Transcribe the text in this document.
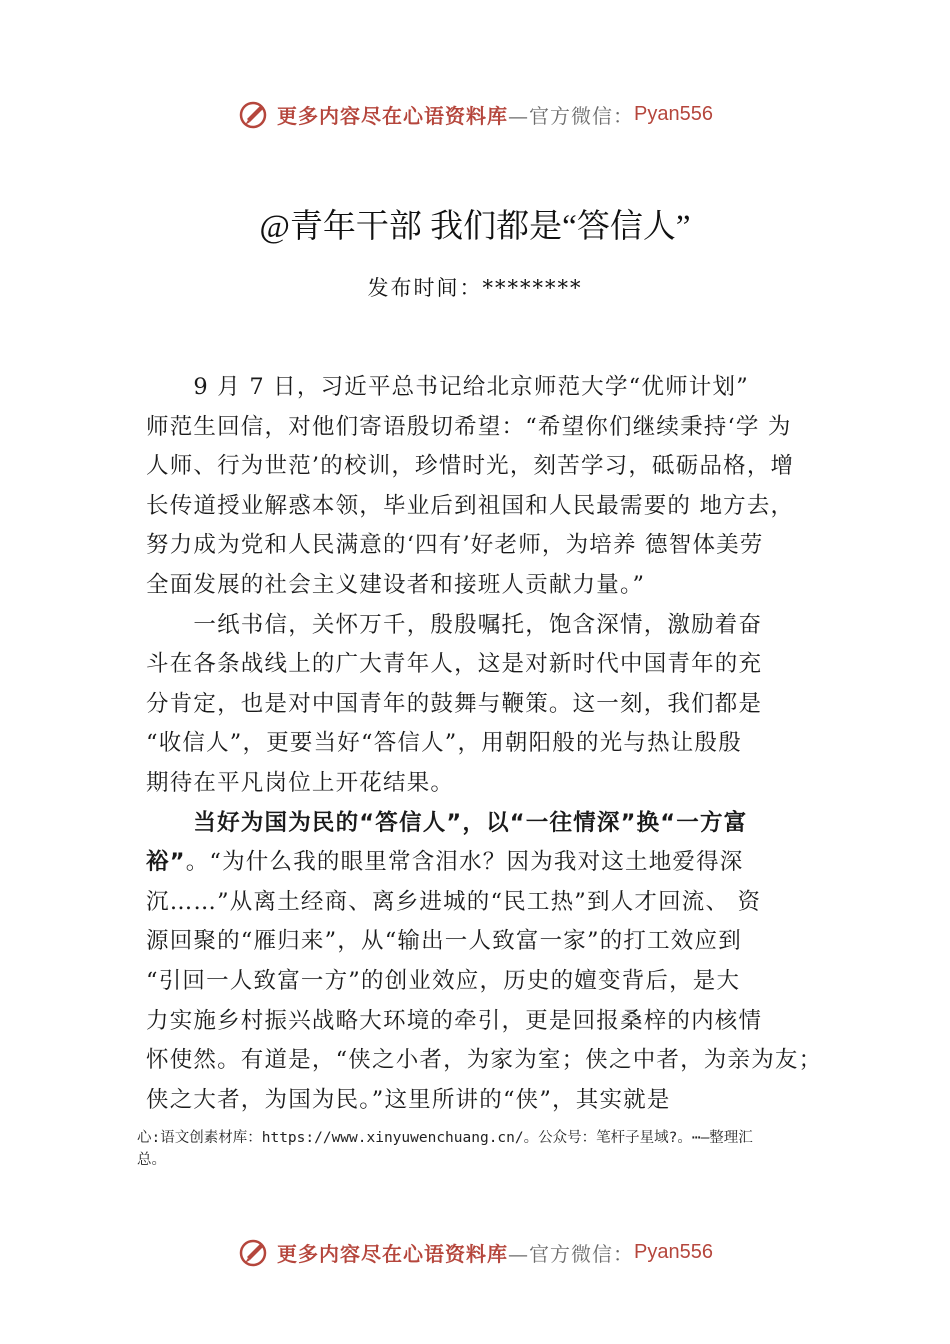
更多内容尽在心语资料库 —官方微信： Pyan556
@青年干部 我们都是“答信人”
发布时间：********
　　9 月 7 日，习近平总书记给北京师范大学“优师计划”
师范生回信，对他们寄语殷切希望：“希望你们继续秉持‘学 为
人师、行为世范’的校训，珍惜时光，刻苦学习，砥砺品格，增
长传道授业解惑本领，毕业后到祖国和人民最需要的 地方去，
努力成为党和人民满意的‘四有’好老师，为培养 德智体美劳
全面发展的社会主义建设者和接班人贡献力量。”
　　一纸书信，关怀万千，殷殷嘱托，饱含深情，激励着奋
斗在各条战线上的广大青年人，这是对新时代中国青年的充
分肯定，也是对中国青年的鼓舞与鞭策。这一刻，我们都是
“收信人”，更要当好“答信人”，用朝阳般的光与热让殷殷
期待在平凡岗位上开花结果。
　　当好为国为民的“答信人”，以“一往情深”换“一方富
裕”。“为什么我的眼里常含泪水？因为我对这土地爱得深
沉……”从离土经商、离乡进城的“民工热”到人才回流、 资
源回聚的“雁归来”，从“输出一人致富一家”的打工效应到
“引回一人致富一方”的创业效应，历史的嬗变背后，是大
力实施乡村振兴战略大环境的牵引，更是回报桑梓的内核情
怀使然。有道是，“侠之小者，为家为室；侠之中者，为亲为友；
侠之大者，为国为民。”这里所讲的“侠”，其实就是
心:语文创素材库：https://www.xinyuwenchuang.cn/。公众号：笔杆子星域?。⋯—整理汇
总。
更多内容尽在心语资料库 —官方微信： Pyan556
